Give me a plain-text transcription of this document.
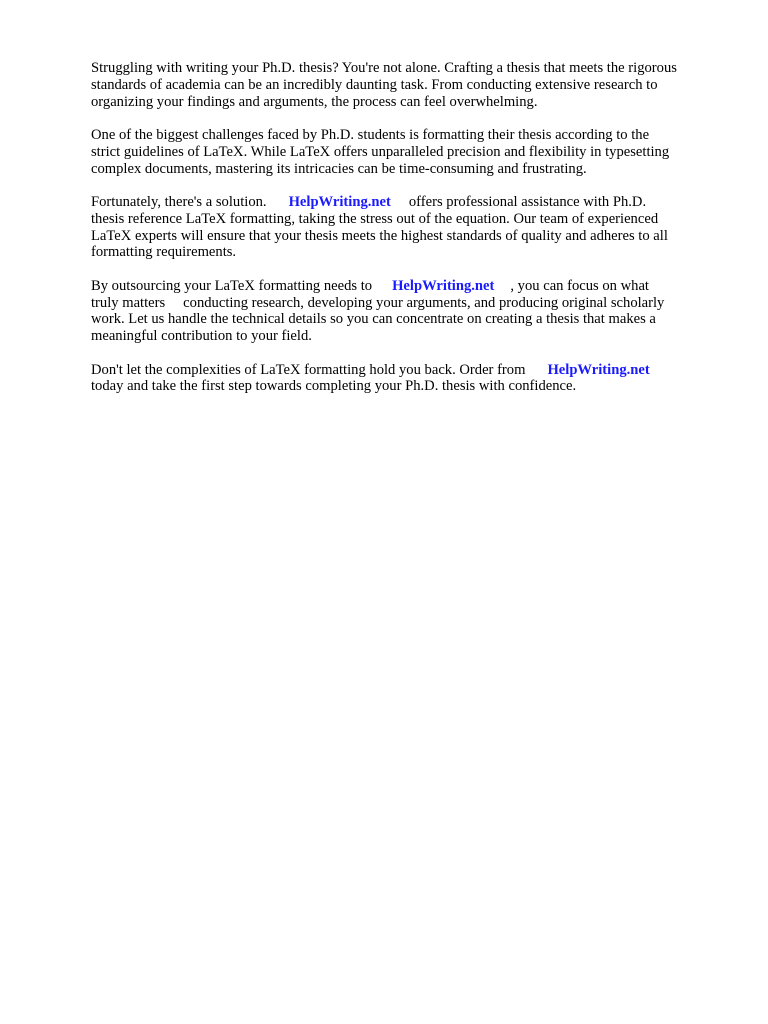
Struggling with writing your Ph.D. thesis? You're not alone. Crafting a thesis that meets the rigorous
standards of academia can be an incredibly daunting task. From conducting extensive research to
organizing your findings and arguments, the process can feel overwhelming.

One of the biggest challenges faced by Ph.D. students is formatting their thesis according to the
strict guidelines of LaTeX. While LaTeX offers unparalleled precision and flexibility in typesetting
complex documents, mastering its intricacies can be time-consuming and frustrating.

Fortunately, there's a solution. HelpWriting.net offers professional assistance with Ph.D.
thesis reference LaTeX formatting, taking the stress out of the equation. Our team of experienced
LaTeX experts will ensure that your thesis meets the highest standards of quality and adheres to all
formatting requirements.

By outsourcing your LaTeX formatting needs to HelpWriting.net , you can focus on what
truly matters conducting research, developing your arguments, and producing original scholarly
work. Let us handle the technical details so you can concentrate on creating a thesis that makes a
meaningful contribution to your field.

Don't let the complexities of LaTeX formatting hold you back. Order from HelpWriting.net
today and take the first step towards completing your Ph.D. thesis with confidence.
